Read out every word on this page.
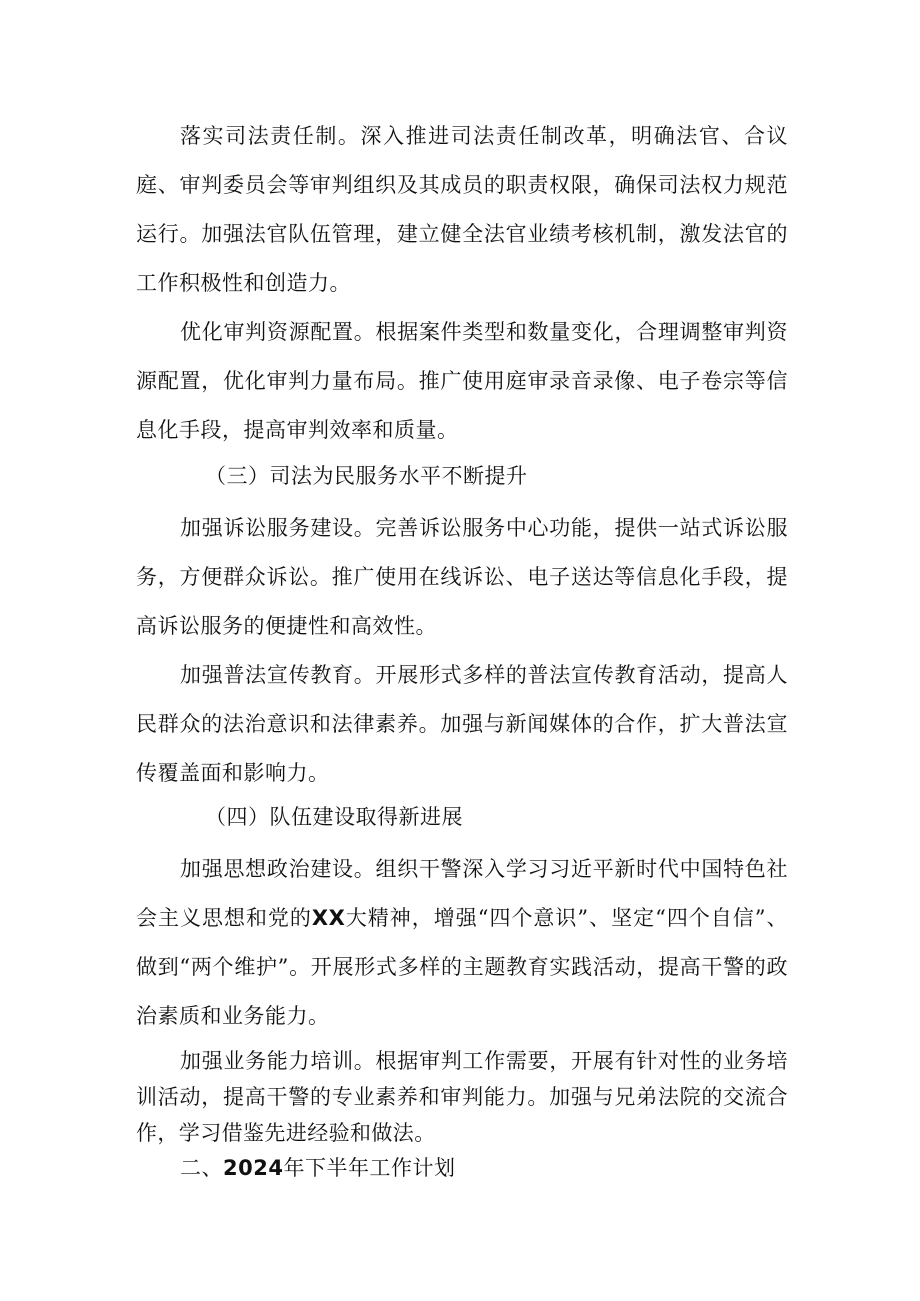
落实司法责任制。深入推进司法责任制改革，明确法官、合议庭、审判委员会等审判组织及其成员的职责权限，确保司法权力规范运行。加强法官队伍管理，建立健全法官业绩考核机制，激发法官的工作积极性和创造力。

优化审判资源配置。根据案件类型和数量变化，合理调整审判资源配置，优化审判力量布局。推广使用庭审录音录像、电子卷宗等信息化手段，提高审判效率和质量。

（三）司法为民服务水平不断提升

加强诉讼服务建设。完善诉讼服务中心功能，提供一站式诉讼服务，方便群众诉讼。推广使用在线诉讼、电子送达等信息化手段，提高诉讼服务的便捷性和高效性。

加强普法宣传教育。开展形式多样的普法宣传教育活动，提高人民群众的法治意识和法律素养。加强与新闻媒体的合作，扩大普法宣传覆盖面和影响力。

（四）队伍建设取得新进展

加强思想政治建设。组织干警深入学习习近平新时代中国特色社会主义思想和党的XX大精神，增强“四个意识”、坚定“四个自信”、做到“两个维护”。开展形式多样的主题教育实践活动，提高干警的政治素质和业务能力。

加强业务能力培训。根据审判工作需要，开展有针对性的业务培训活动，提高干警的专业素养和审判能力。加强与兄弟法院的交流合作，学习借鉴先进经验和做法。

二、2024年下半年工作计划
